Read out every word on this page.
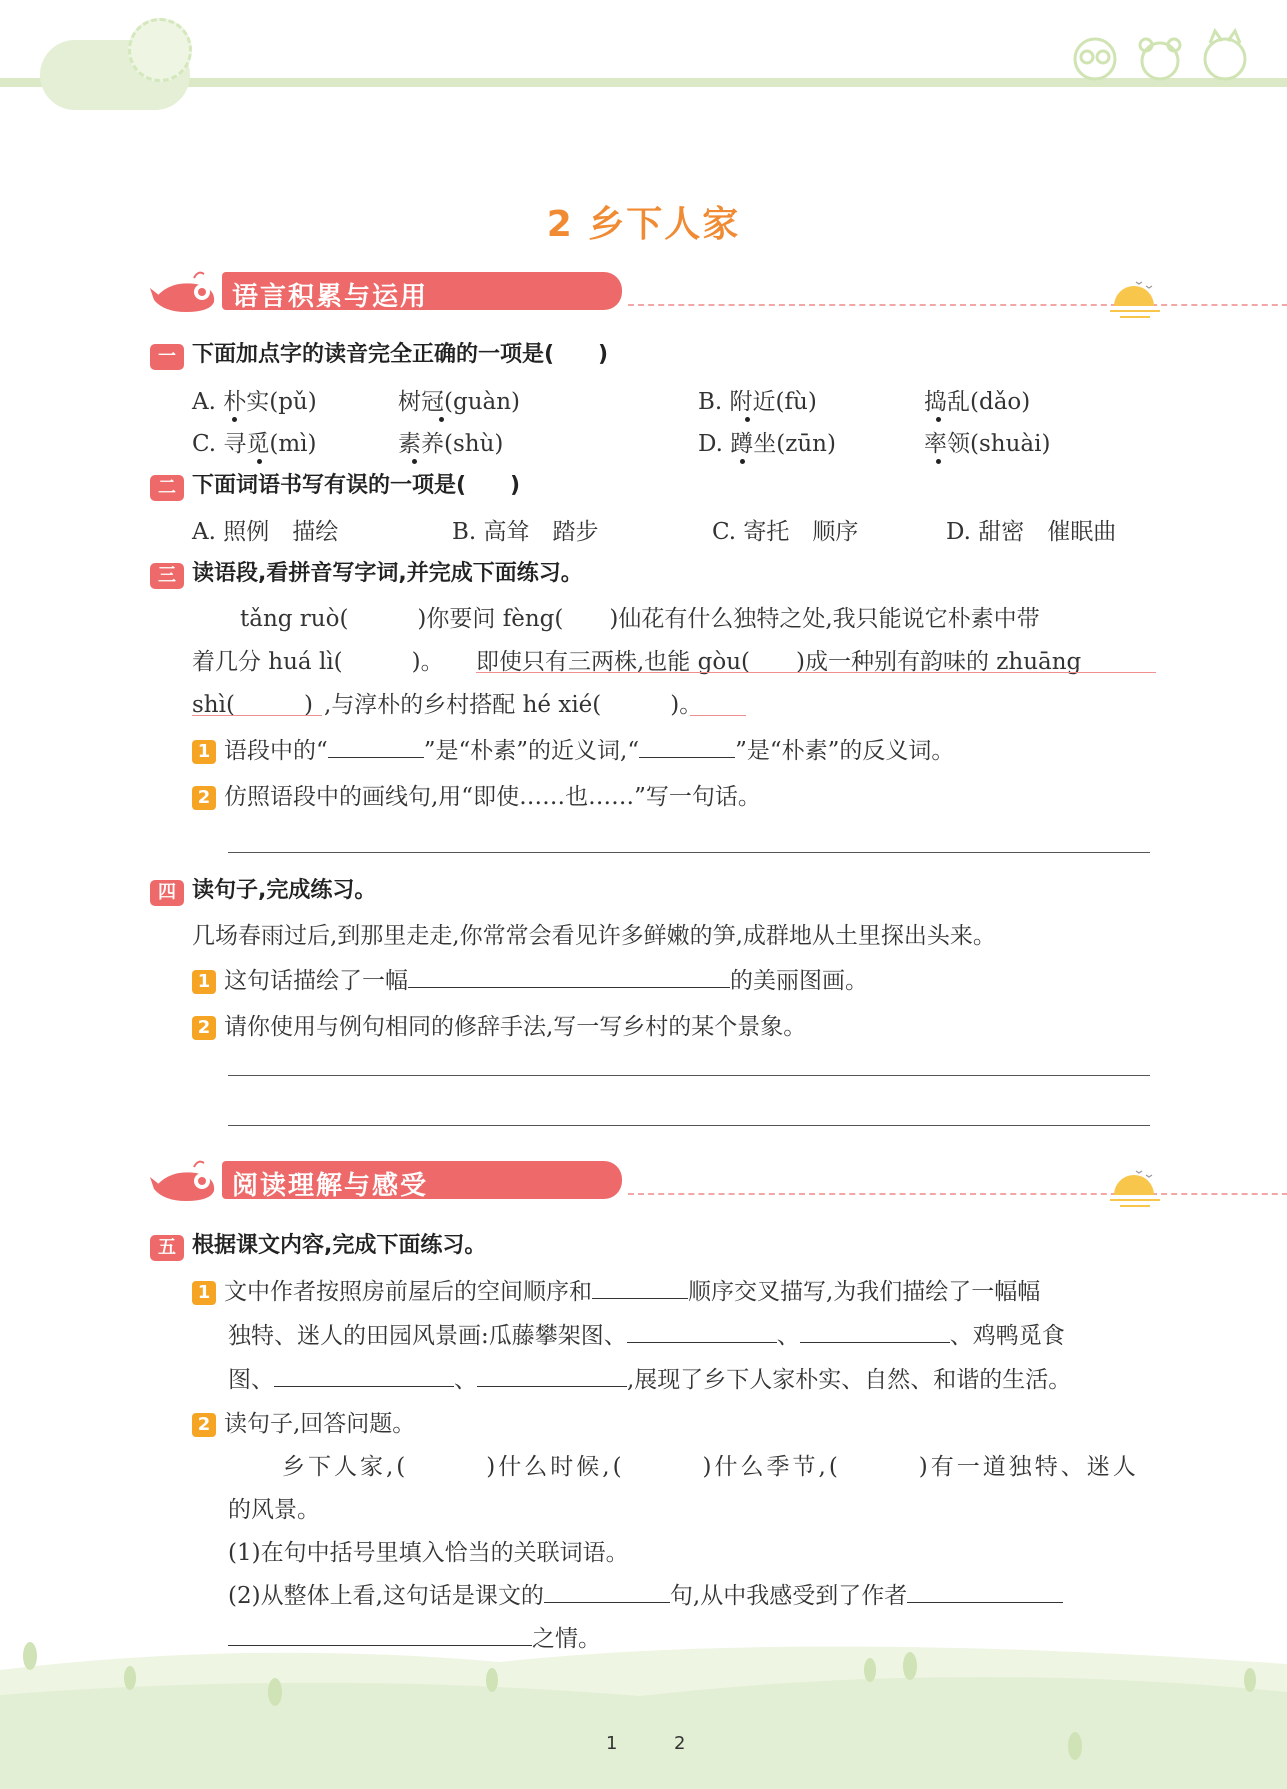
2 乡下人家
语言积累与运用
一 下面加点字的读音完全正确的一项是(　　)
A. 朴实(pǔ)	树冠(guàn)	B. 附近(fù)	捣乱(dǎo)
C. 寻觅(mì)	素养(shù)	D. 蹲坐(zūn)	率领(shuài)
二 下面词语书写有误的一项是(　　)
A. 照例　描绘	B. 高耸　踏步	C. 寄托　顺序	D. 甜密　催眠曲
三 读语段,看拼音写字词,并完成下面练习。
tǎng ruò(　　　)你要问 fèng(　　)仙花有什么独特之处,我只能说它朴素中带
着几分 huá lì(　　　)。 即使只有三两株,也能 gòu(　　)成一种别有韵味的 zhuāng
shì(　　　) ,与淳朴的乡村搭配 hé xié(　　　)。
1 语段中的“	”是“朴素”的近义词,“	”是“朴素”的反义词。
2 仿照语段中的画线句,用“即使……也……”写一句话。
四 读句子,完成练习。
几场春雨过后,到那里走走,你常常会看见许多鲜嫩的笋,成群地从土里探出头来。
1 这句话描绘了一幅	的美丽图画。
2 请你使用与例句相同的修辞手法,写一写乡村的某个景象。
阅读理解与感受
五 根据课文内容,完成下面练习。
1 文中作者按照房前屋后的空间顺序和	顺序交叉描写,为我们描绘了一幅幅
独特、迷人的田园风景画:瓜藤攀架图、	、	、鸡鸭觅食
图、	、	,展现了乡下人家朴实、自然、和谐的生活。
2 读句子,回答问题。
乡下人家,(　　　)什么时候,(　　　)什么季节,(　　　)有一道独特、迷人
的风景。
(1)在句中括号里填入恰当的关联词语。
(2)从整体上看,这句话是课文的	句,从中我感受到了作者
之情。
1	2
